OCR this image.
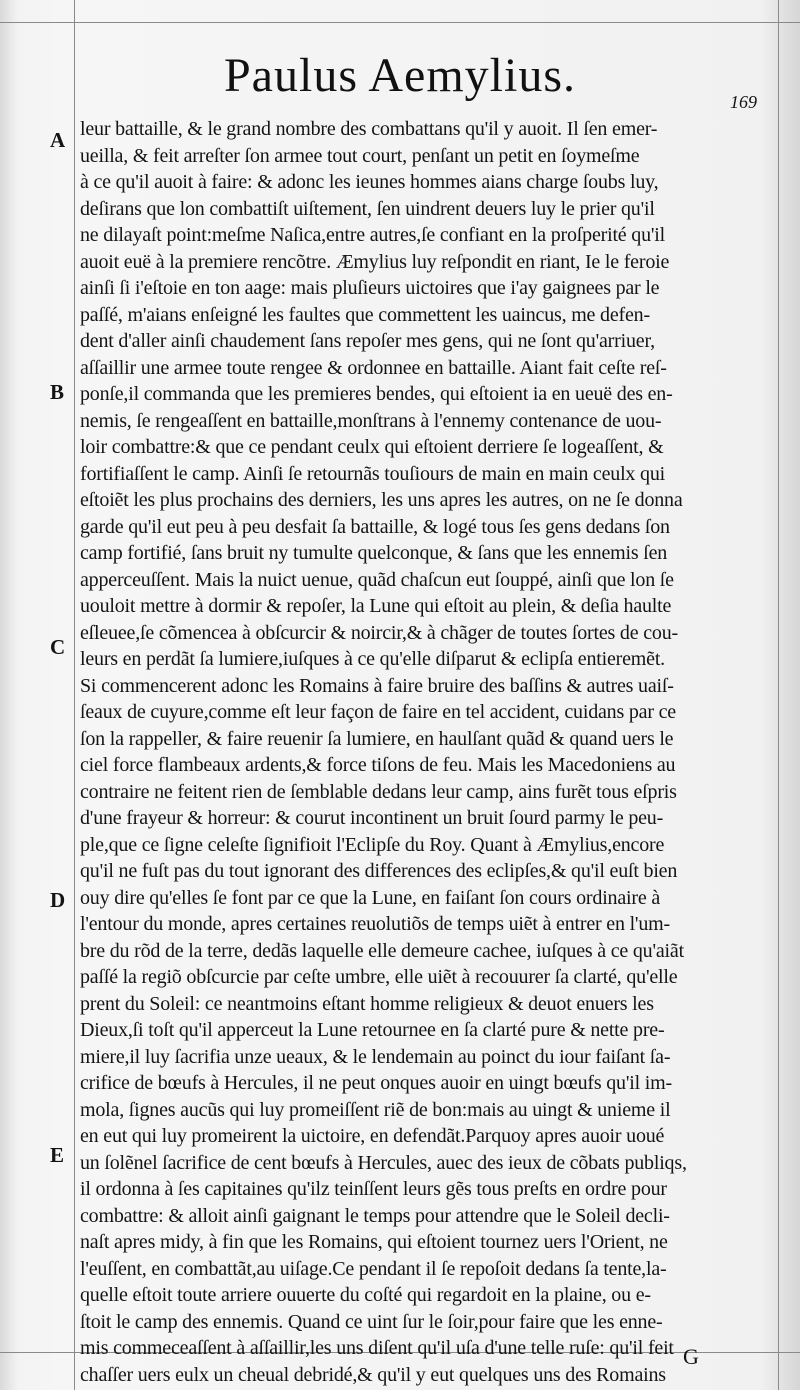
Paulus Aemylius.	169
A
B
C
D
E
leur battaille, & le grand nombre des combattans qu'il y auoit. Il ſen emer-
ueilla, & feit arreſter ſon armee tout court, penſant un petit en ſoymeſme
à ce qu'il auoit à faire: & adonc les ieunes hommes aians charge ſoubs luy,
deſirans que lon combattiſt uiſtement, ſen uindrent deuers luy le prier qu'il
ne dilayaſt point:meſme Naſica,entre autres,ſe confiant en la proſperité qu'il
auoit euë à la premiere rencõtre. Æmylius luy reſpondit en riant, Ie le feroie
ainſi ſi i'eſtoie en ton aage: mais pluſieurs uictoires que i'ay gaignees par le
paſſé, m'aians enſeigné les faultes que commettent les uaincus, me defen-
dent d'aller ainſi chaudement ſans repoſer mes gens, qui ne ſont qu'arriuer,
aſſaillir une armee toute rengee & ordonnee en battaille. Aiant fait ceſte reſ-
ponſe,il commanda que les premieres bendes, qui eſtoient ia en ueuë des en-
nemis, ſe rengeaſſent en battaille,monſtrans à l'ennemy contenance de uou-
loir combattre:& que ce pendant ceulx qui eſtoient derriere ſe logeaſſent, &
fortifiaſſent le camp. Ainſi ſe retournãs touſiours de main en main ceulx qui
eſtoiẽt les plus prochains des derniers, les uns apres les autres, on ne ſe donna
garde qu'il eut peu à peu desfait ſa battaille, & logé tous ſes gens dedans ſon
camp fortifié, ſans bruit ny tumulte quelconque, & ſans que les ennemis ſen
apperceuſſent. Mais la nuict uenue, quãd chaſcun eut ſouppé, ainſi que lon ſe
uouloit mettre à dormir & repoſer, la Lune qui eſtoit au plein, & deſia haulte
eſleuee,ſe cõmencea à obſcurcir & noircir,& à chãger de toutes ſortes de cou-
leurs en perdãt ſa lumiere,iuſques à ce qu'elle diſparut & eclipſa entieremẽt.
Si commencerent adonc les Romains à faire bruire des baſſins & autres uaiſ-
ſeaux de cuyure,comme eſt leur façon de faire en tel accident, cuidans par ce
ſon la rappeller, & faire reuenir ſa lumiere, en haulſant quãd & quand uers le
ciel force flambeaux ardents,& force tiſons de feu. Mais les Macedoniens au
contraire ne feitent rien de ſemblable dedans leur camp, ains furẽt tous eſpris
d'une frayeur & horreur: & courut incontinent un bruit ſourd parmy le peu-
ple,que ce ſigne celeſte ſignifioit l'Eclipſe du Roy. Quant à Æmylius,encore
qu'il ne fuſt pas du tout ignorant des differences des eclipſes,& qu'il euſt bien
ouy dire qu'elles ſe font par ce que la Lune, en faiſant ſon cours ordinaire à
l'entour du monde, apres certaines reuolutiõs de temps uiẽt à entrer en l'um-
bre du rõd de la terre, dedãs laquelle elle demeure cachee, iuſques à ce qu'aiãt
paſſé la regiõ obſcurcie par ceſte umbre, elle uiẽt à recouurer ſa clarté, qu'elle
prent du Soleil: ce neantmoins eſtant homme religieux & deuot enuers les
Dieux,ſi toſt qu'il apperceut la Lune retournee en ſa clarté pure & nette pre-
miere,il luy ſacrifia unze ueaux, & le lendemain au poinct du iour faiſant ſa-
crifice de bœufs à Hercules, il ne peut onques auoir en uingt bœufs qu'il im-
mola, ſignes aucũs qui luy promeiſſent riẽ de bon:mais au uingt & unieme il
en eut qui luy promeirent la uictoire, en defendãt.Parquoy apres auoir uoué
un ſolẽnel ſacrifice de cent bœufs à Hercules, auec des ieux de cõbats publiqs,
il ordonna à ſes capitaines qu'ilz teinſſent leurs gẽs tous preſts en ordre pour
combattre: & alloit ainſi gaignant le temps pour attendre que le Soleil decli-
naſt apres midy, à fin que les Romains, qui eſtoient tournez uers l'Orient, ne
l'euſſent, en combattãt,au uiſage.Ce pendant il ſe repoſoit dedans ſa tente,la-
quelle eſtoit toute arriere ouuerte du coſté qui regardoit en la plaine, ou e-
ſtoit le camp des ennemis. Quand ce uint ſur le ſoir,pour faire que les enne-
mis commeceaſſent à aſſaillir,les uns diſent qu'il uſa d'une telle ruſe: qu'il feit
chaſſer uers eulx un cheual debridé,& qu'il y eut quelques uns des Romains
G
